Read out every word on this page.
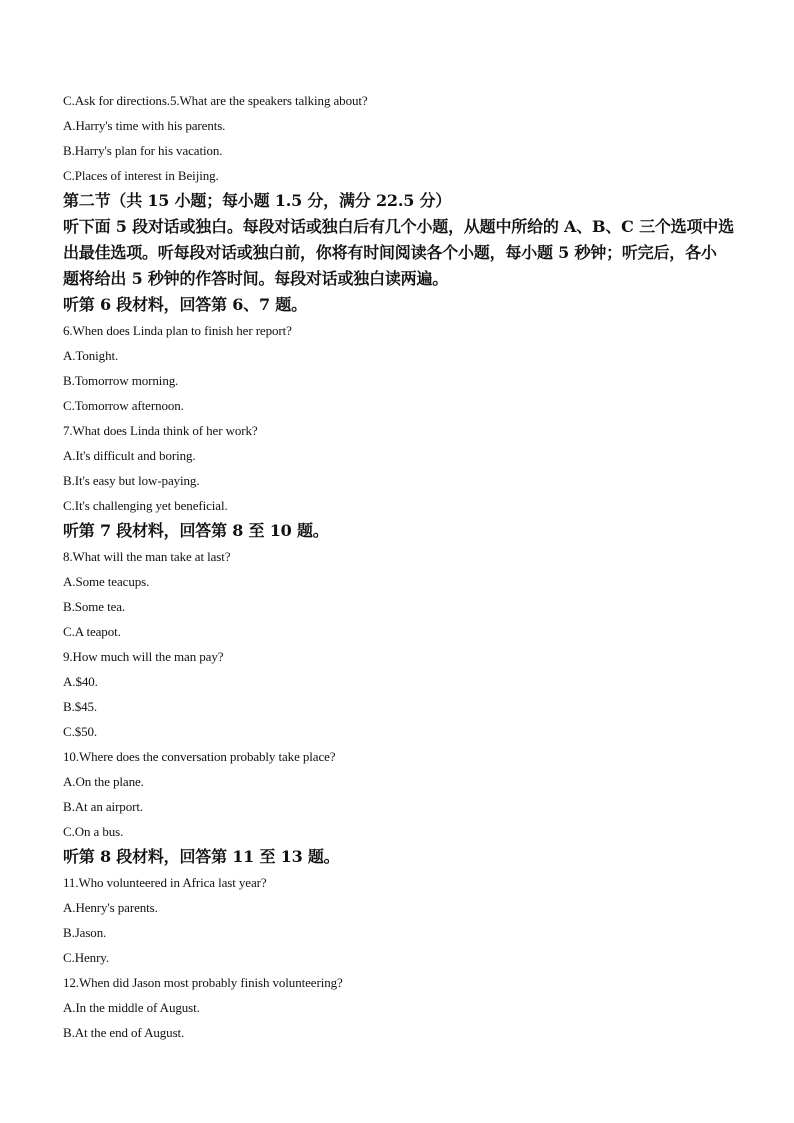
C.Ask for directions.5.What are the speakers talking about?
A.Harry's time with his parents.
B.Harry's plan for his vacation.
C.Places of interest in Beijing.
第二节（共 15 小题；每小题 1.5 分，满分 22.5 分）
听下面 5 段对话或独白。每段对话或独白后有几个小题，从题中所给的 A、B、C 三个选项中选
出最佳选项。听每段对话或独白前，你将有时间阅读各个小题，每小题 5 秒钟；听完后，各小
题将给出 5 秒钟的作答时间。每段对话或独白读两遍。
听第 6 段材料，回答第 6、7 题。
6.When does Linda plan to finish her report?
A.Tonight.
B.Tomorrow morning.
C.Tomorrow afternoon.
7.What does Linda think of her work?
A.It's difficult and boring.
B.It's easy but low-paying.
C.It's challenging yet beneficial.
听第 7 段材料，回答第 8 至 10 题。
8.What will the man take at last?
A.Some teacups.
B.Some tea.
C.A teapot.
9.How much will the man pay?
A.$40.
B.$45.
C.$50.
10.Where does the conversation probably take place?
A.On the plane.
B.At an airport.
C.On a bus.
听第 8 段材料，回答第 11 至 13 题。
11.Who volunteered in Africa last year?
A.Henry's parents.
B.Jason.
C.Henry.
12.When did Jason most probably finish volunteering?
A.In the middle of August.
B.At the end of August.
